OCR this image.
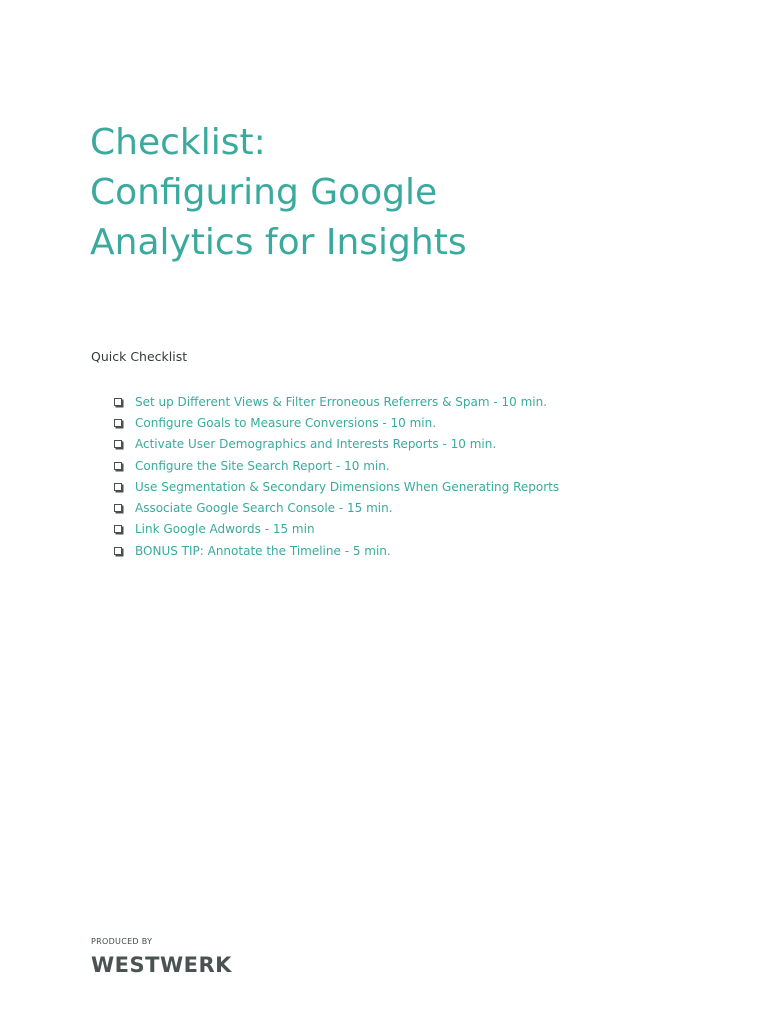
Checklist:
Configuring Google
Analytics for Insights
Quick Checklist
Set up Different Views & Filter Erroneous Referrers & Spam - 10 min.
Configure Goals to Measure Conversions - 10 min.
Activate User Demographics and Interests Reports - 10 min.
Configure the Site Search Report - 10 min.
Use Segmentation & Secondary Dimensions When Generating Reports
Associate Google Search Console - 15 min.
Link Google Adwords - 15 min
BONUS TIP: Annotate the Timeline - 5 min.
PRODUCED BY
WESTWERK
